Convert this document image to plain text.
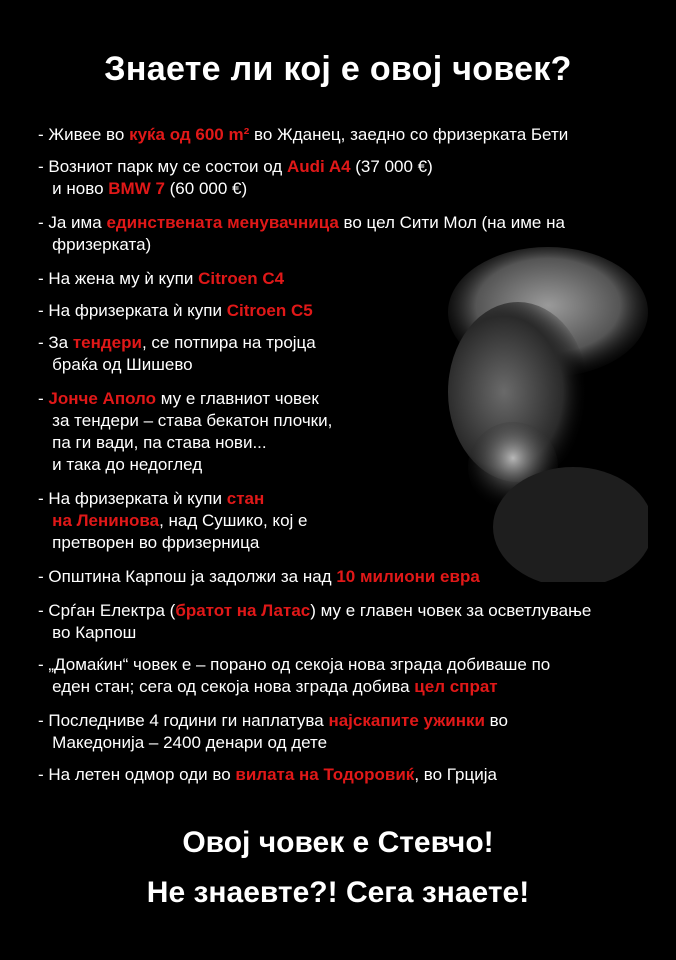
Знаете ли кој е овој човек?
- Живее во куќа од 600 m² во Жданец, заедно со фризерката Бети
- Возниот парк му се состои од Audi A4 (37 000 €)
и ново BMW 7 (60 000 €)
- Ја има единствената менувачница во цел Сити Мол (на име на
фризерката)
- На жена му ѝ купи Citroen C4
- На фризерката ѝ купи Citroen C5
- За тендери, се потпира на тројца
браќа од Шишево
- Јонче Аполо му е главниот човек
за тендери – става бекатон плочки,
па ги вади, па става нови...
и така до недоглед
- На фризерката ѝ купи стан
на Ленинова, над Сушико, кој е
претворен во фризерница
- Општина Карпош ја задолжи за над 10 милиони евра
- Срѓан Електра (братот на Латас) му е главен човек за осветлување
во Карпош
- „Домаќин“ човек е – порано од секоја нова зграда добиваше по
еден стан; сега од секоја нова зграда добива цел спрат
- Последниве 4 години ги наплатува најскапите ужинки во
Македонија – 2400 денари од дете
- На летен одмор оди во вилата на Тодоровиќ, во Грција
Овој човек е Стевчо!
Не знаевте?! Сега знаете!
